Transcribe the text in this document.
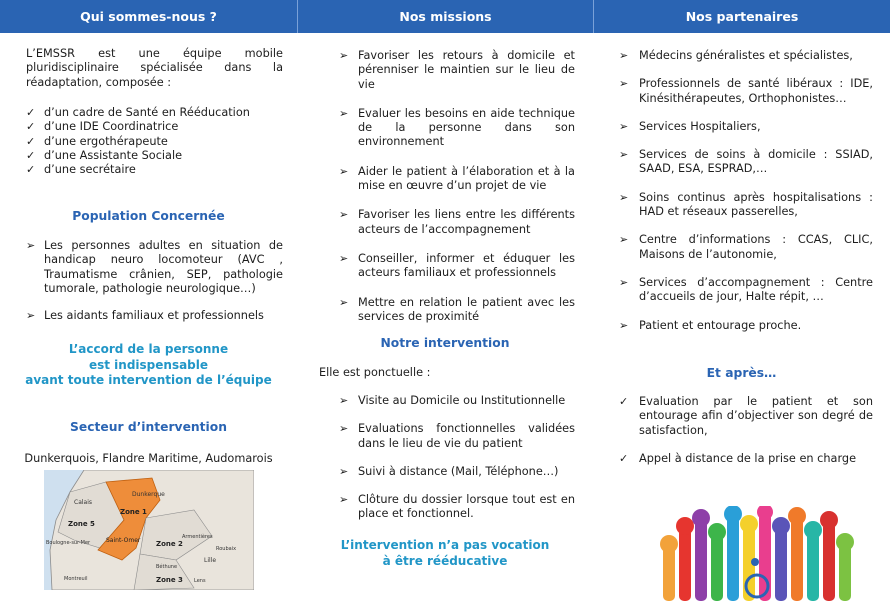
Qui sommes-nous ?
L’EMSSR est une équipe mobile pluridisciplinaire spécialisée dans la réadaptation, composée :
✓ d’un cadre de Santé en Rééducation
✓ d’une IDE Coordinatrice
✓ d’une ergothérapeute
✓ d’une Assistante Sociale
✓ d’une secrétaire
Population Concernée
➢ Les personnes adultes en situation de handicap neuro locomoteur (AVC , Traumatisme crânien, SEP, pathologie tumorale, pathologie neurologique…)
➢ Les aidants familiaux et professionnels
L’accord de la personne
est indispensable
avant toute intervention de l’équipe
Secteur d’intervention
Dunkerquois, Flandre Maritime, Audomarois
Dunkerque
Zone 1
Calais
Zone 5
Boulogne-sur-Mer	Saint-Omer Zone 2
Armentières
Roubaix
Lille
Béthune
Zone 3
Montreuil	Lens
Nos missions
➢ Favoriser les retours à domicile et pérenniser le maintien sur le lieu de vie
➢ Evaluer les besoins en aide technique de la personne dans son environnement
➢ Aider le patient à l’élaboration et à la mise en œuvre d’un projet de vie
➢ Favoriser les liens entre les différents acteurs de l’accompagnement
➢ Conseiller, informer et éduquer les acteurs familiaux et professionnels
➢ Mettre en relation le patient avec les services de proximité
Notre intervention
Elle est ponctuelle :
➢ Visite au Domicile ou Institutionnelle
➢ Evaluations fonctionnelles validées dans le lieu de vie du patient
➢ Suivi à distance (Mail, Téléphone…)
➢ Clôture du dossier lorsque tout est en place et fonctionnel.
L’intervention n’a pas vocation
à être rééducative
Nos partenaires
➢ Médecins généralistes et spécialistes,
➢ Professionnels de santé libéraux : IDE, Kinésithérapeutes, Orthophonistes…
➢ Services Hospitaliers,
➢ Services de soins à domicile : SSIAD, SAAD, ESA, ESPRAD,…
➢ Soins continus après hospitalisations : HAD et réseaux passerelles,
➢ Centre d’informations : CCAS, CLIC, Maisons de l’autonomie,
➢ Services d’accompagnement : Centre d’accueils de jour, Halte répit, …
➢ Patient et entourage proche.
Et après…
✓ Evaluation par le patient et son entourage afin d’objectiver son degré de satisfaction,
✓ Appel à distance de la prise en charge
